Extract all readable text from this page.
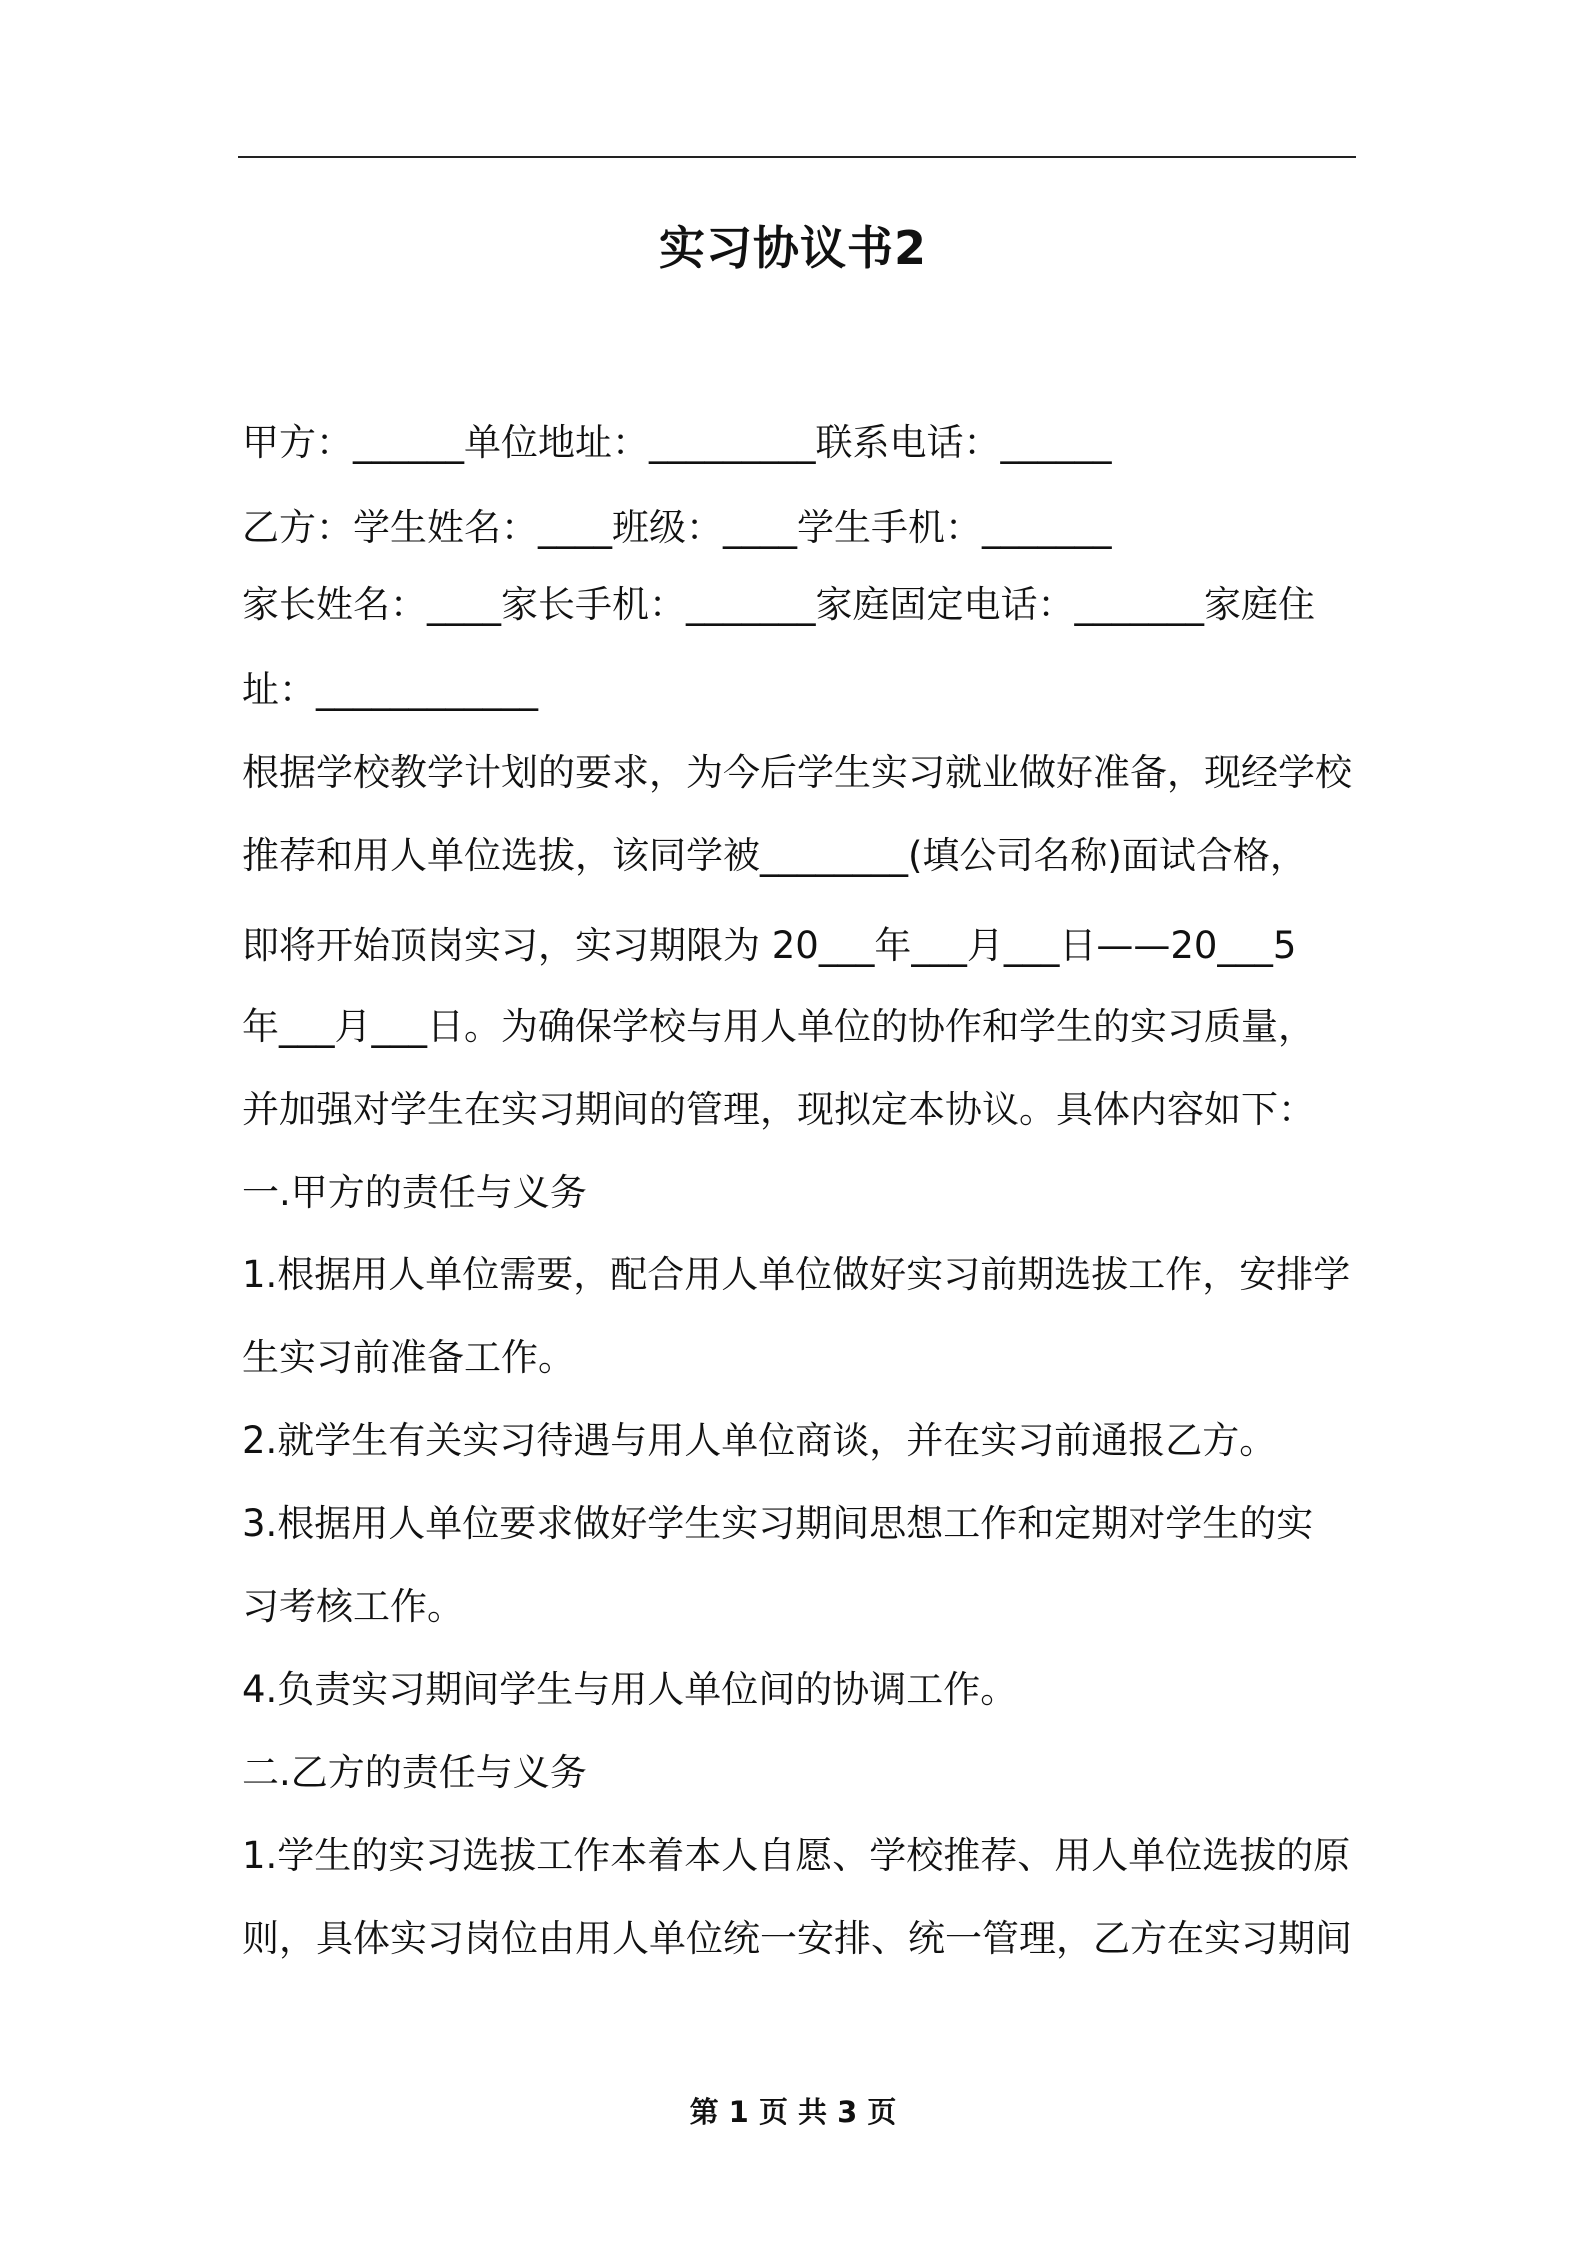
实习协议书2
甲方：______单位地址：_________联系电话：______
乙方：学生姓名：____班级：____学生手机：_______
家长姓名：____家长手机：_______家庭固定电话：_______家庭住
址：____________
根据学校教学计划的要求，为今后学生实习就业做好准备，现经学校
推荐和用人单位选拔，该同学被________(填公司名称)面试合格，
即将开始顶岗实习，实习期限为 20___年___月___日——20___5
年___月___日。为确保学校与用人单位的协作和学生的实习质量，
并加强对学生在实习期间的管理，现拟定本协议。具体内容如下：
一.甲方的责任与义务
1.根据用人单位需要，配合用人单位做好实习前期选拔工作，安排学
生实习前准备工作。
2.就学生有关实习待遇与用人单位商谈，并在实习前通报乙方。
3.根据用人单位要求做好学生实习期间思想工作和定期对学生的实
习考核工作。
4.负责实习期间学生与用人单位间的协调工作。
二.乙方的责任与义务
1.学生的实习选拔工作本着本人自愿、学校推荐、用人单位选拔的原
则，具体实习岗位由用人单位统一安排、统一管理，乙方在实习期间
第 1 页 共 3 页
